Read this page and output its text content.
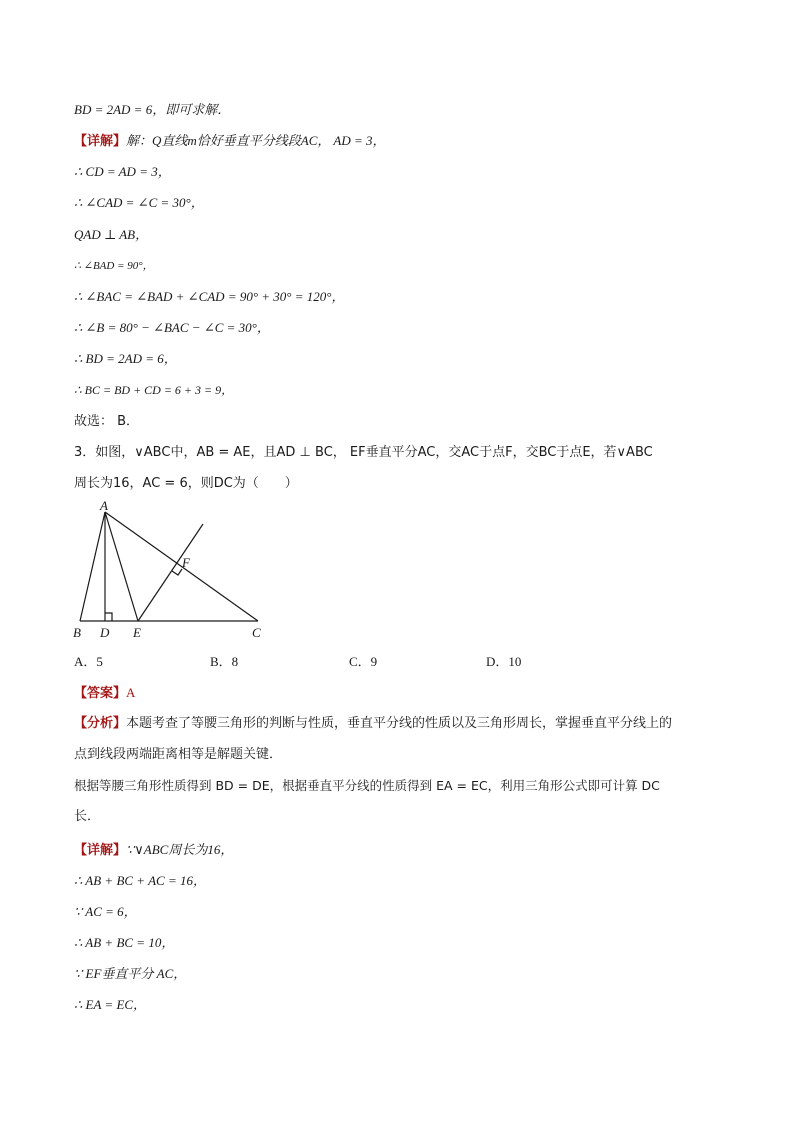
BD = 2AD = 6，即可求解．
【详解】解：Q直线m恰好垂直平分线段AC， AD = 3，
∴ CD = AD = 3，
∴ ∠CAD = ∠C = 30°，
QAD ⊥ AB，
∴ ∠BAD = 90°，
∴ ∠BAC = ∠BAD + ∠CAD = 90° + 30° = 120°，
∴ ∠B = 80° − ∠BAC − ∠C = 30°，
∴ BD = 2AD = 6，
∴ BC = BD + CD = 6 + 3 = 9，
故选： B．
3．如图，∨ABC中，AB = AE，且AD ⊥ BC， EF垂直平分AC，交AC于点F，交BC于点E，若∨ABC
周长为16，AC = 6，则DC为（　　）
A
B D E	C
F
A．5	B．8	C．9	D．10
【答案】A
【分析】本题考查了等腰三角形的判断与性质，垂直平分线的性质以及三角形周长，掌握垂直平分线上的
点到线段两端距离相等是解题关键．
根据等腰三角形性质得到 BD = DE，根据垂直平分线的性质得到 EA = EC，利用三角形公式即可计算 DC
长．
【详解】∵∨ABC周长为16，
∴ AB + BC + AC = 16，
∵ AC = 6，
∴ AB + BC = 10，
∵ EF垂直平分 AC，
∴ EA = EC，
